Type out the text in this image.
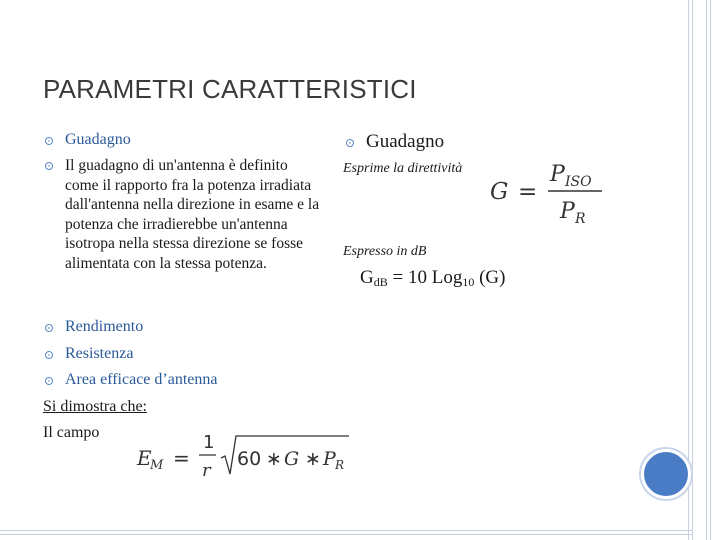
PARAMETRI CARATTERISTICI
Guadagno
Il guadagno di un'antenna è definito come il rapporto fra la potenza irradiata dall'antenna nella direzione in esame e la potenza che irradierebbe un'antenna isotropa nella stessa direzione se fosse alimentata con la stessa potenza.
Rendimento
Resistenza
Area efficace d’antenna
Si dimostra che:
Il campo
E
M =
1
r
60 ∗ G ∗ P R
Guadagno
Esprime la direttività
G =
P ISO
P R
Espresso in dB
$G_{dB} = 10$ Log$_{10}$ (G)
